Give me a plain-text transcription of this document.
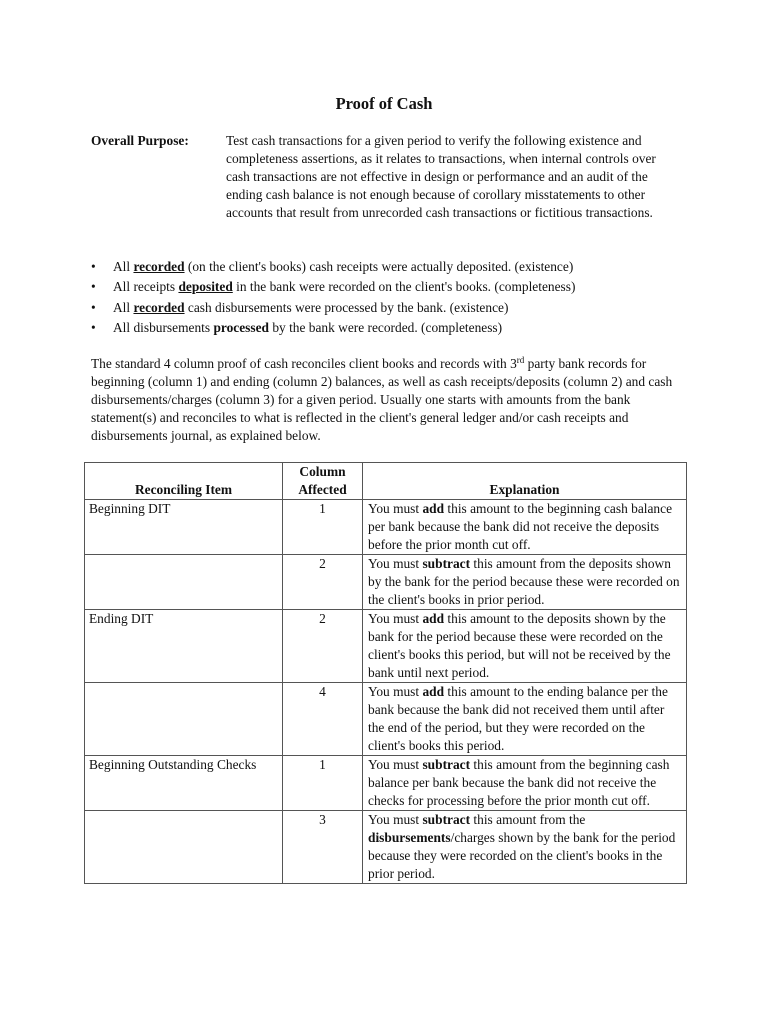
Proof of Cash
Overall Purpose:	Test cash transactions for a given period to verify the following existence and completeness assertions, as it relates to transactions, when internal controls over cash transactions are not effective in design or performance and an audit of the ending cash balance is not enough because of corollary misstatements to other accounts that result from unrecorded cash transactions or fictitious transactions.
• All recorded (on the client's books) cash receipts were actually deposited. (existence)
• All receipts deposited in the bank were recorded on the client's books. (completeness)
• All recorded cash disbursements were processed by the bank. (existence)
• All disbursements processed by the bank were recorded. (completeness)
The standard 4 column proof of cash reconciles client books and records with 3rd party bank records for beginning (column 1) and ending (column 2) balances, as well as cash receipts/deposits (column 2) and cash disbursements/charges (column 3) for a given period. Usually one starts with amounts from the bank statement(s) and reconciles to what is reflected in the client's general ledger and/or cash receipts and disbursements journal, as explained below.
Reconciling Item	Column Affected	Explanation
Beginning DIT	1	You must add this amount to the beginning cash balance per bank because the bank did not receive the deposits before the prior month cut off.
	2	You must subtract this amount from the deposits shown by the bank for the period because these were recorded on the client's books in prior period.
Ending DIT	2	You must add this amount to the deposits shown by the bank for the period because these were recorded on the client's books this period, but will not be received by the bank until next period.
	4	You must add this amount to the ending balance per the bank because the bank did not received them until after the end of the period, but they were recorded on the client's books this period.
Beginning Outstanding Checks	1	You must subtract this amount from the beginning cash balance per bank because the bank did not receive the checks for processing before the prior month cut off.
	3	You must subtract this amount from the disbursements/charges shown by the bank for the period because they were recorded on the client's books in the prior period.
